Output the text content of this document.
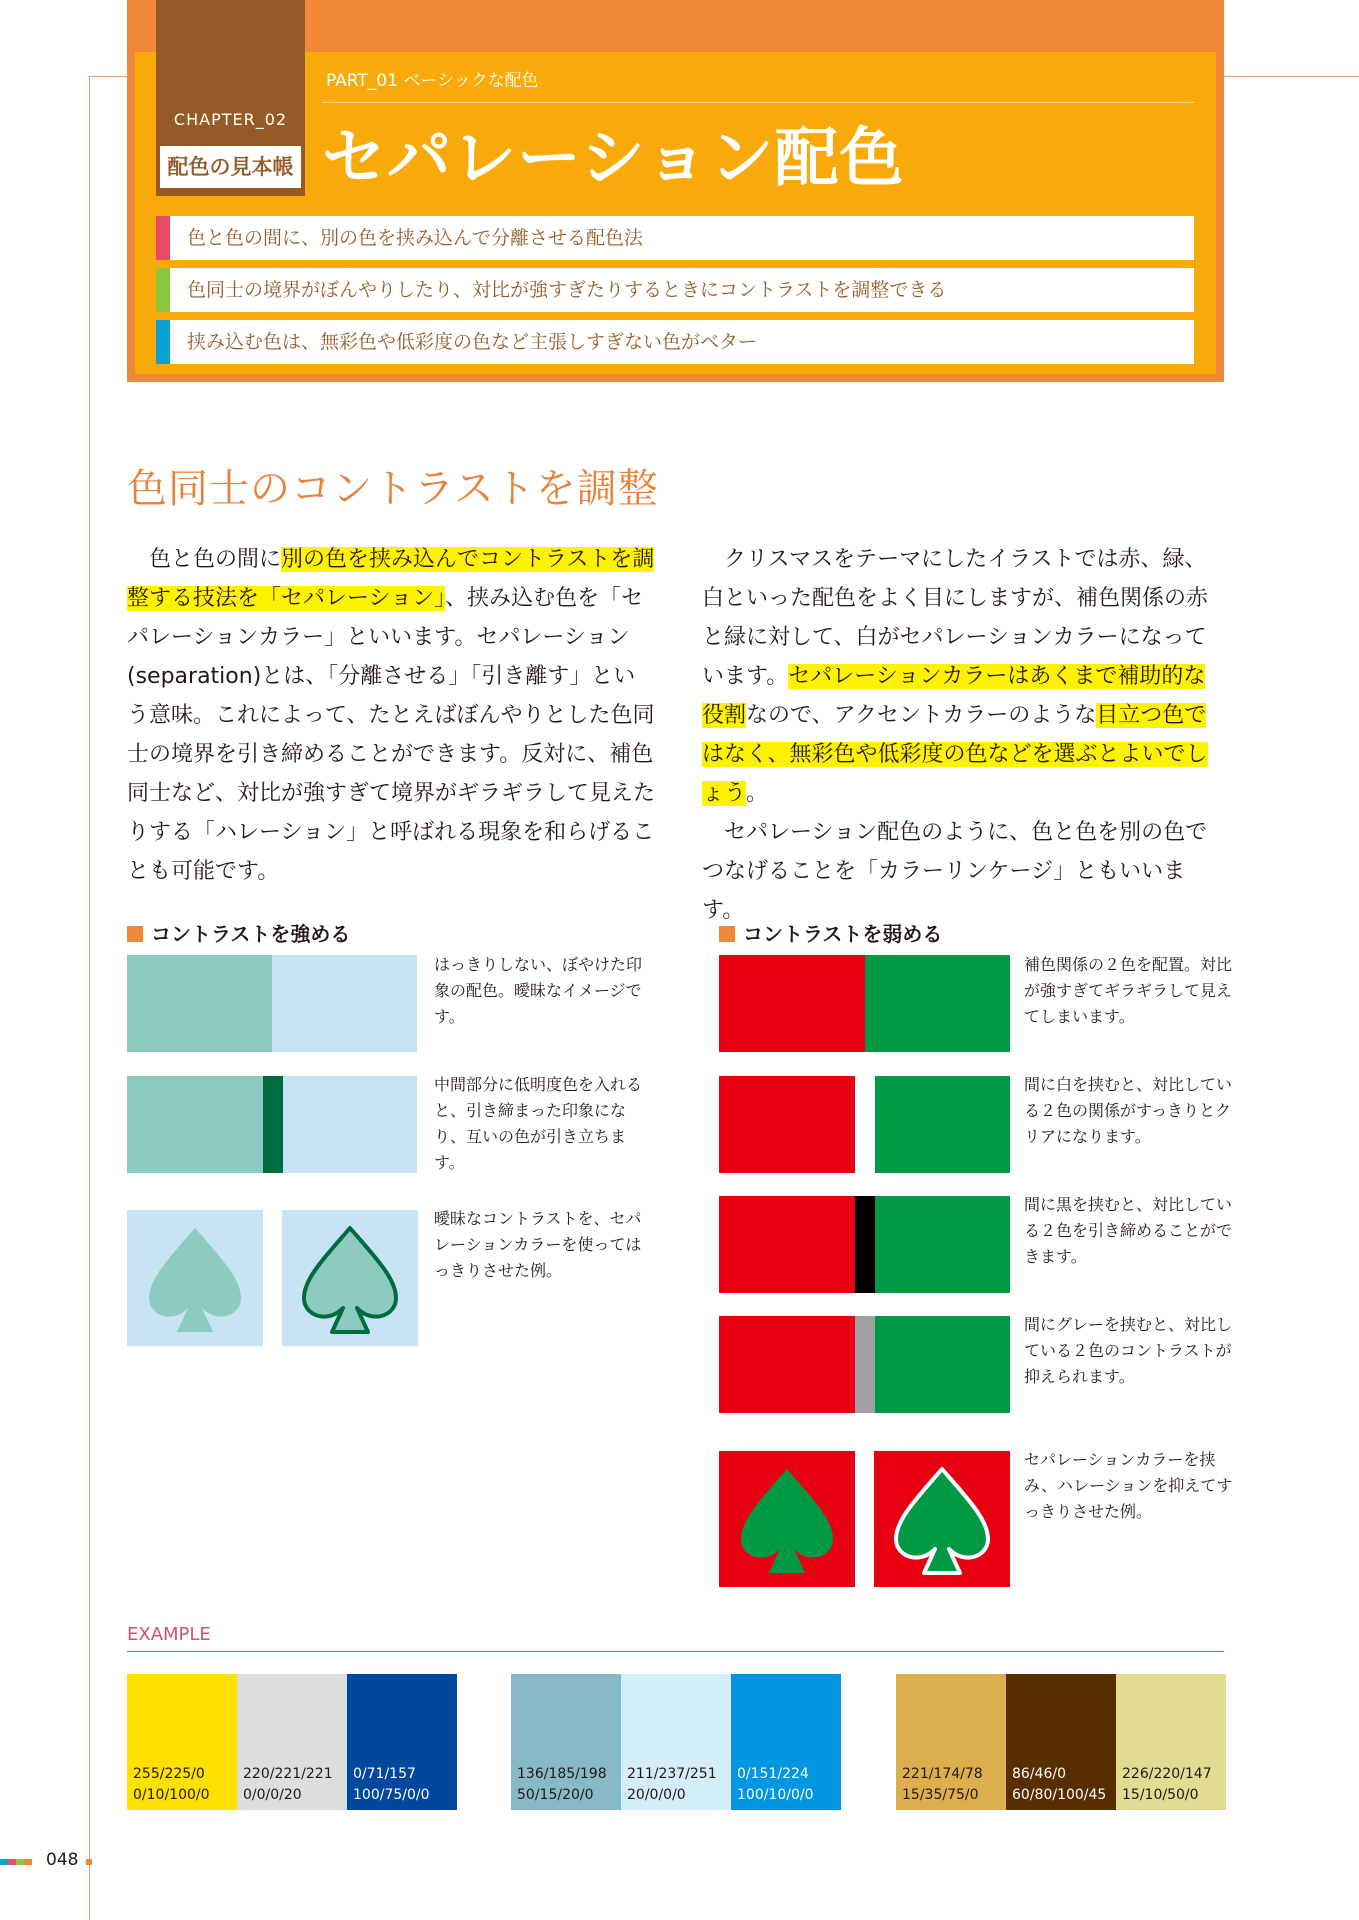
CHAPTER_02
配色の見本帳
PART_01 ベーシックな配色
セパレーション配色
色と色の間に、別の色を挟み込んで分離させる配色法
色同士の境界がぼんやりしたり、対比が強すぎたりするときにコントラストを調整できる
挟み込む色は、無彩色や低彩度の色など主張しすぎない色がベター
色同士のコントラストを調整

色と色の間に別の色を挟み込んでコントラストを調整する技法を「セパレーション」、挟み込む色を「セパレーションカラー」といいます。セパレーション(separation)とは、「分離させる」「引き離す」という意味。これによって、たとえばぼんやりとした色同士の境界を引き締めることができます。反対に、補色同士など、対比が強すぎて境界がギラギラして見えたりする「ハレーション」と呼ばれる現象を和らげることも可能です。

クリスマスをテーマにしたイラストでは赤、緑、白といった配色をよく目にしますが、補色関係の赤と緑に対して、白がセパレーションカラーになっています。セパレーションカラーはあくまで補助的な役割なので、アクセントカラーのような目立つ色ではなく、無彩色や低彩度の色などを選ぶとよいでしょう。

セパレーション配色のように、色と色を別の色でつなげることを「カラーリンケージ」ともいいます。

コントラストを強める

はっきりしない、ぼやけた印象の配色。曖昧なイメージです。

中間部分に低明度色を入れると、引き締まった印象になり、互いの色が引き立ちます。

曖昧なコントラストを、セパレーションカラーを使ってはっきりさせた例。

コントラストを弱める

補色関係の２色を配置。対比が強すぎてギラギラして見えてしまいます。

間に白を挟むと、対比している２色の関係がすっきりとクリアになります。

間に黒を挟むと、対比している２色を引き締めることができます。

間にグレーを挟むと、対比している２色のコントラストが抑えられます。

セパレーションカラーを挟み、ハレーションを抑えてすっきりさせた例。

EXAMPLE
255/225/0
0/10/100/0
220/221/221
0/0/0/20
0/71/157
100/75/0/0
136/185/198
50/15/20/0
211/237/251
20/0/0/0
0/151/224
100/10/0/0
221/174/78
15/35/75/0
86/46/0
60/80/100/45
226/220/147
15/10/50/0
048
